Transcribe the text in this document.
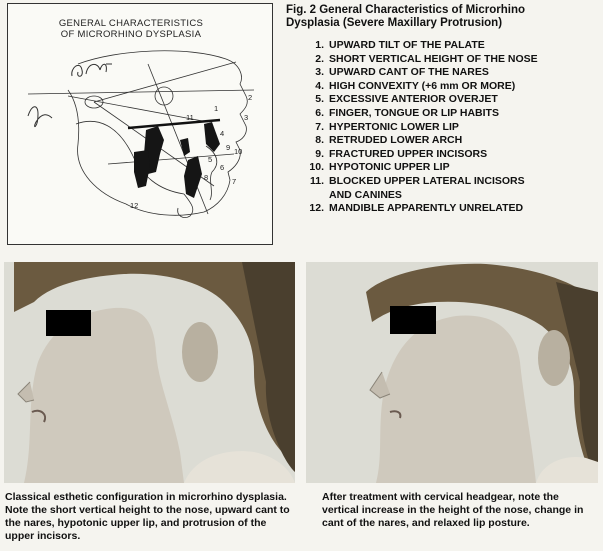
1
2
3
4
5
6
7
8
9 10
11
12
GENERAL CHARACTERISTICS
OF MICRORHINO DYSPLASIA
Fig. 2 General Characteristics of Microrhino
Dysplasia (Severe Maxillary Protrusion)
1. UPWARD TILT OF THE PALATE
2. SHORT VERTICAL HEIGHT OF THE NOSE
3. UPWARD CANT OF THE NARES
4. HIGH CONVEXITY (+6 mm OR MORE)
5. EXCESSIVE ANTERIOR OVERJET
6. FINGER, TONGUE OR LIP HABITS
7. HYPERTONIC LOWER LIP
8. RETRUDED LOWER ARCH
9. FRACTURED UPPER INCISORS
10. HYPOTONIC UPPER LIP
11. BLOCKED UPPER LATERAL INCISORS
AND CANINES
12. MANDIBLE APPARENTLY UNRELATED
Classical esthetic configuration in microrhino dysplasia. Note the short vertical height to the nose, upward cant to the nares, hypotonic upper lip, and protrusion of the upper incisors.
After treatment with cervical headgear, note the vertical increase in the height of the nose, change in cant of the nares, and relaxed lip posture.
